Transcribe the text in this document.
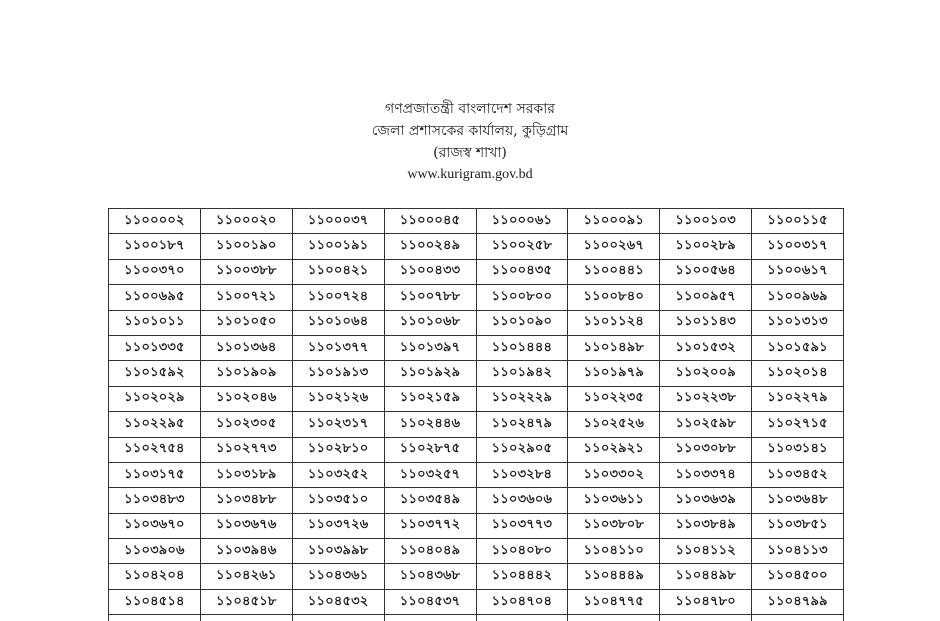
গণপ্রজাতন্ত্রী বাংলাদেশ সরকার
জেলা প্রশাসকের কার্যালয়, কুড়িগ্রাম
(রাজস্ব শাখা)
www.kurigram.gov.bd
১১০০০০২	১১০০০২০	১১০০০৩৭	১১০০০৪৫	১১০০০৬১	১১০০০৯১	১১০০১০৩	১১০০১১৫
১১০০১৮৭	১১০০১৯০	১১০০১৯১	১১০০২৪৯	১১০০২৫৮	১১০০২৬৭	১১০০২৮৯	১১০০৩১৭
১১০০৩৭০	১১০০৩৮৮	১১০০৪২১	১১০০৪৩৩	১১০০৪৩৫	১১০০৪৪১	১১০০৫৬৪	১১০০৬১৭
১১০০৬৯৫	১১০০৭২১	১১০০৭২৪	১১০০৭৮৮	১১০০৮০০	১১০০৮৪০	১১০০৯৫৭	১১০০৯৬৯
১১০১০১১	১১০১০৫০	১১০১০৬৪	১১০১০৬৮	১১০১০৯০	১১০১১২৪	১১০১১৪৩	১১০১৩১৩
১১০১৩৩৫	১১০১৩৬৪	১১০১৩৭৭	১১০১৩৯৭	১১০১৪৪৪	১১০১৪৯৮	১১০১৫৩২	১১০১৫৯১
১১০১৫৯২	১১০১৯০৯	১১০১৯১৩	১১০১৯২৯	১১০১৯৪২	১১০১৯৭৯	১১০২০০৯	১১০২০১৪
১১০২০২৯	১১০২০৪৬	১১০২১২৬	১১০২১৫৯	১১০২২২৯	১১০২২৩৫	১১০২২৩৮	১১০২২৭৯
১১০২২৯৫	১১০২৩০৫	১১০২৩১৭	১১০২৪৪৬	১১০২৪৭৯	১১০২৫২৬	১১০২৫৯৮	১১০২৭১৫
১১০২৭৫৪	১১০২৭৭৩	১১০২৮১০	১১০২৮৭৫	১১০২৯০৫	১১০২৯২১	১১০৩০৮৮	১১০৩১৪১
১১০৩১৭৫	১১০৩১৮৯	১১০৩২৫২	১১০৩২৫৭	১১০৩২৮৪	১১০৩৩০২	১১০৩৩৭৪	১১০৩৪৫২
১১০৩৪৮৩	১১০৩৪৮৮	১১০৩৫১০	১১০৩৫৪৯	১১০৩৬০৬	১১০৩৬১১	১১০৩৬৩৯	১১০৩৬৪৮
১১০৩৬৭০	১১০৩৬৭৬	১১০৩৭২৬	১১০৩৭৭২	১১০৩৭৭৩	১১০৩৮০৮	১১০৩৮৪৯	১১০৩৮৫১
১১০৩৯০৬	১১০৩৯৪৬	১১০৩৯৯৮	১১০৪০৪৯	১১০৪০৮০	১১০৪১১০	১১০৪১১২	১১০৪১১৩
১১০৪২০৪	১১০৪২৬১	১১০৪৩৬১	১১০৪৩৬৮	১১০৪৪৪২	১১০৪৪৪৯	১১০৪৪৯৮	১১০৪৫০০
১১০৪৫১৪	১১০৪৫১৮	১১০৪৫৩২	১১০৪৫৩৭	১১০৪৭০৪	১১০৪৭৭৫	১১০৪৭৮০	১১০৪৭৯৯
